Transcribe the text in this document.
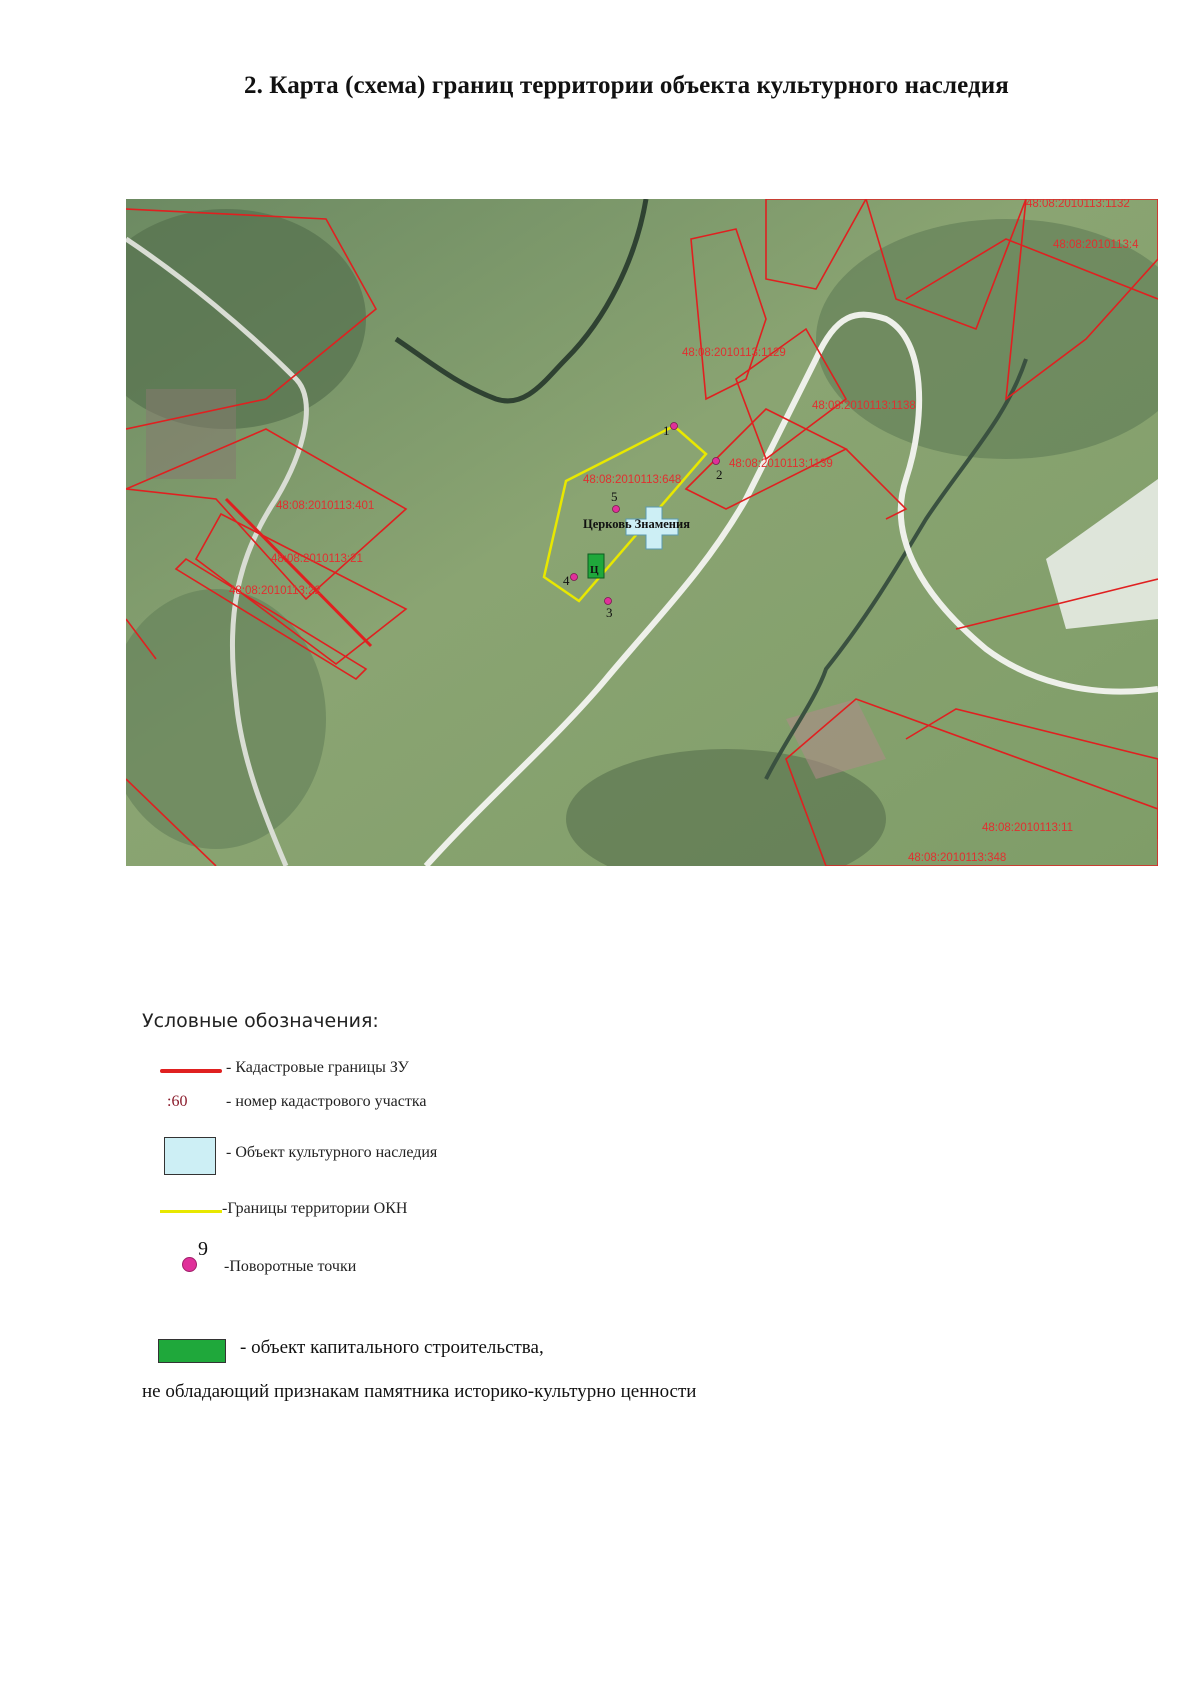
2. Карта (схема) границ территории объекта культурного наследия
1
2
3
4
5
Церковь Знамения
Ц
48:08:2010113:1132
48:08:2010113:4
48:08:2010113:1129
48:08:2010113:1138
48:08:2010113:1139
48:08:2010113:648
48:08:2010113:401
48:08:2010113:21
48:08:2010113:22
48:08:2010113:11
48:08:2010113:348
Условные обозначения:
- Кадастровые границы ЗУ
:60 - номер кадастрового участка
- Объект культурного наследия
-Границы территории ОКН
9
-Поворотные точки
- объект капитального строительства,
не обладающий признакам памятника историко-культурно ценности
